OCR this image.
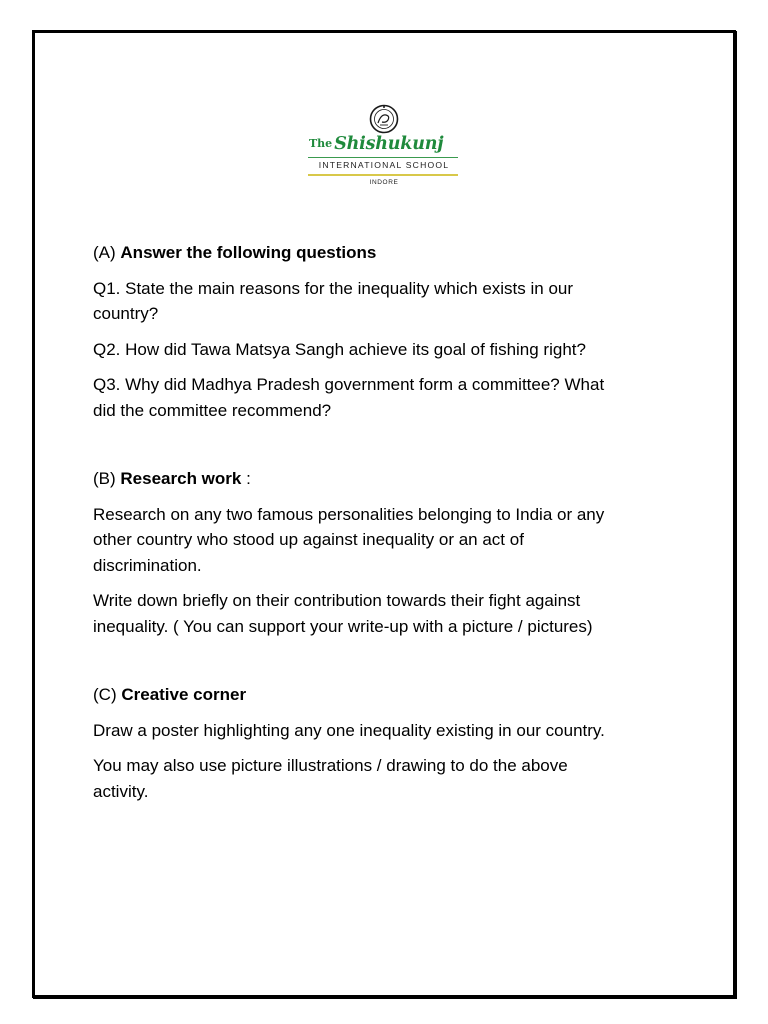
The Shishukunj
INTERNATIONAL SCHOOL
INDORE

(A) Answer the following questions

Q1. State the main reasons for the inequality which exists in our
country?

Q2. How did Tawa Matsya Sangh achieve its goal of fishing right?

Q3. Why did Madhya Pradesh government form a committee? What
did the committee recommend?

(B) Research work :

Research on any two famous personalities belonging to India or any
other country who stood up against inequality or an act of
discrimination.

Write down briefly on their contribution towards their fight against
inequality. ( You can support your write-up with a picture / pictures)

(C) Creative corner

Draw a poster highlighting any one inequality existing in our country.

You may also use picture illustrations / drawing to do the above
activity.
